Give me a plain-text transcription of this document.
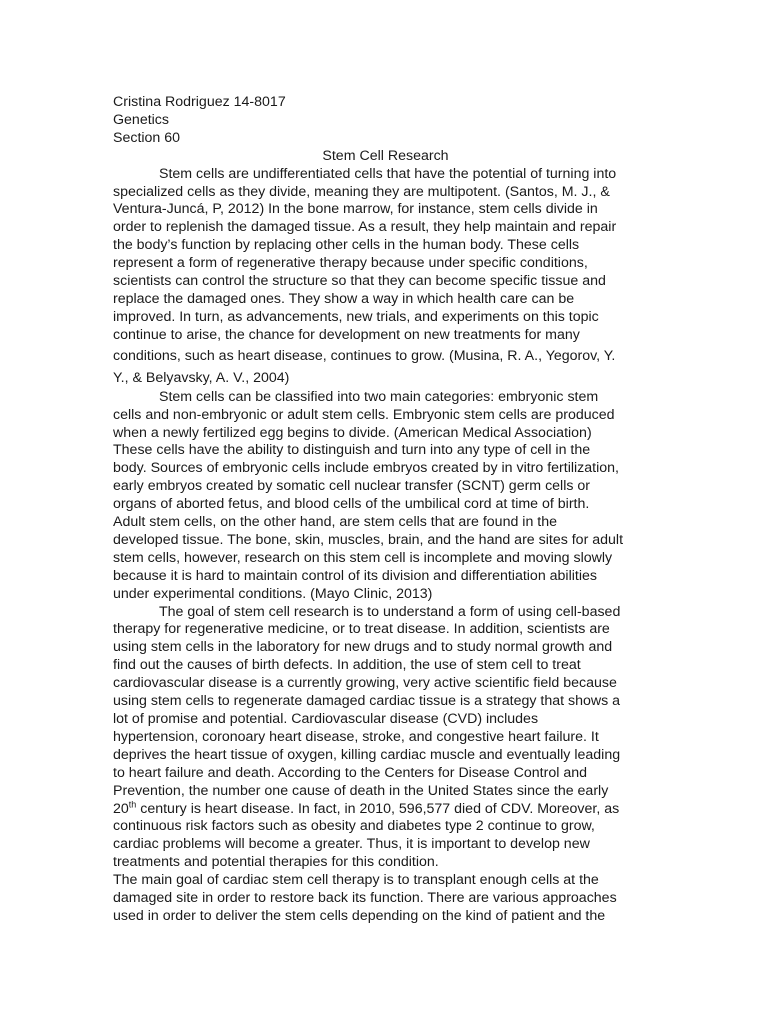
Cristina Rodriguez 14-8017
Genetics
Section 60
Stem Cell Research

Stem cells are undifferentiated cells that have the potential of turning into
specialized cells as they divide, meaning they are multipotent. (Santos, M. J., &
Ventura-Juncá, P, 2012) In the bone marrow, for instance, stem cells divide in
order to replenish the damaged tissue. As a result, they help maintain and repair
the body’s function by replacing other cells in the human body. These cells
represent a form of regenerative therapy because under specific conditions,
scientists can control the structure so that they can become specific tissue and
replace the damaged ones. They show a way in which health care can be
improved. In turn, as advancements, new trials, and experiments on this topic
continue to arise, the chance for development on new treatments for many
conditions, such as heart disease, continues to grow. (Musina, R. A., Yegorov, Y.
Y., & Belyavsky, A. V., 2004)

Stem cells can be classified into two main categories: embryonic stem
cells and non-embryonic or adult stem cells. Embryonic stem cells are produced
when a newly fertilized egg begins to divide. (American Medical Association)
These cells have the ability to distinguish and turn into any type of cell in the
body. Sources of embryonic cells include embryos created by in vitro fertilization,
early embryos created by somatic cell nuclear transfer (SCNT) germ cells or
organs of aborted fetus, and blood cells of the umbilical cord at time of birth.
Adult stem cells, on the other hand, are stem cells that are found in the
developed tissue. The bone, skin, muscles, brain, and the hand are sites for adult
stem cells, however, research on this stem cell is incomplete and moving slowly
because it is hard to maintain control of its division and differentiation abilities
under experimental conditions. (Mayo Clinic, 2013)

The goal of stem cell research is to understand a form of using cell-based
therapy for regenerative medicine, or to treat disease. In addition, scientists are
using stem cells in the laboratory for new drugs and to study normal growth and
find out the causes of birth defects. In addition, the use of stem cell to treat
cardiovascular disease is a currently growing, very active scientific field because
using stem cells to regenerate damaged cardiac tissue is a strategy that shows a
lot of promise and potential. Cardiovascular disease (CVD) includes
hypertension, coronoary heart disease, stroke, and congestive heart failure. It
deprives the heart tissue of oxygen, killing cardiac muscle and eventually leading
to heart failure and death. According to the Centers for Disease Control and
Prevention, the number one cause of death in the United States since the early
20th century is heart disease. In fact, in 2010, 596,577 died of CDV. Moreover, as
continuous risk factors such as obesity and diabetes type 2 continue to grow,
cardiac problems will become a greater. Thus, it is important to develop new
treatments and potential therapies for this condition.

The main goal of cardiac stem cell therapy is to transplant enough cells at the
damaged site in order to restore back its function. There are various approaches
used in order to deliver the stem cells depending on the kind of patient and the
